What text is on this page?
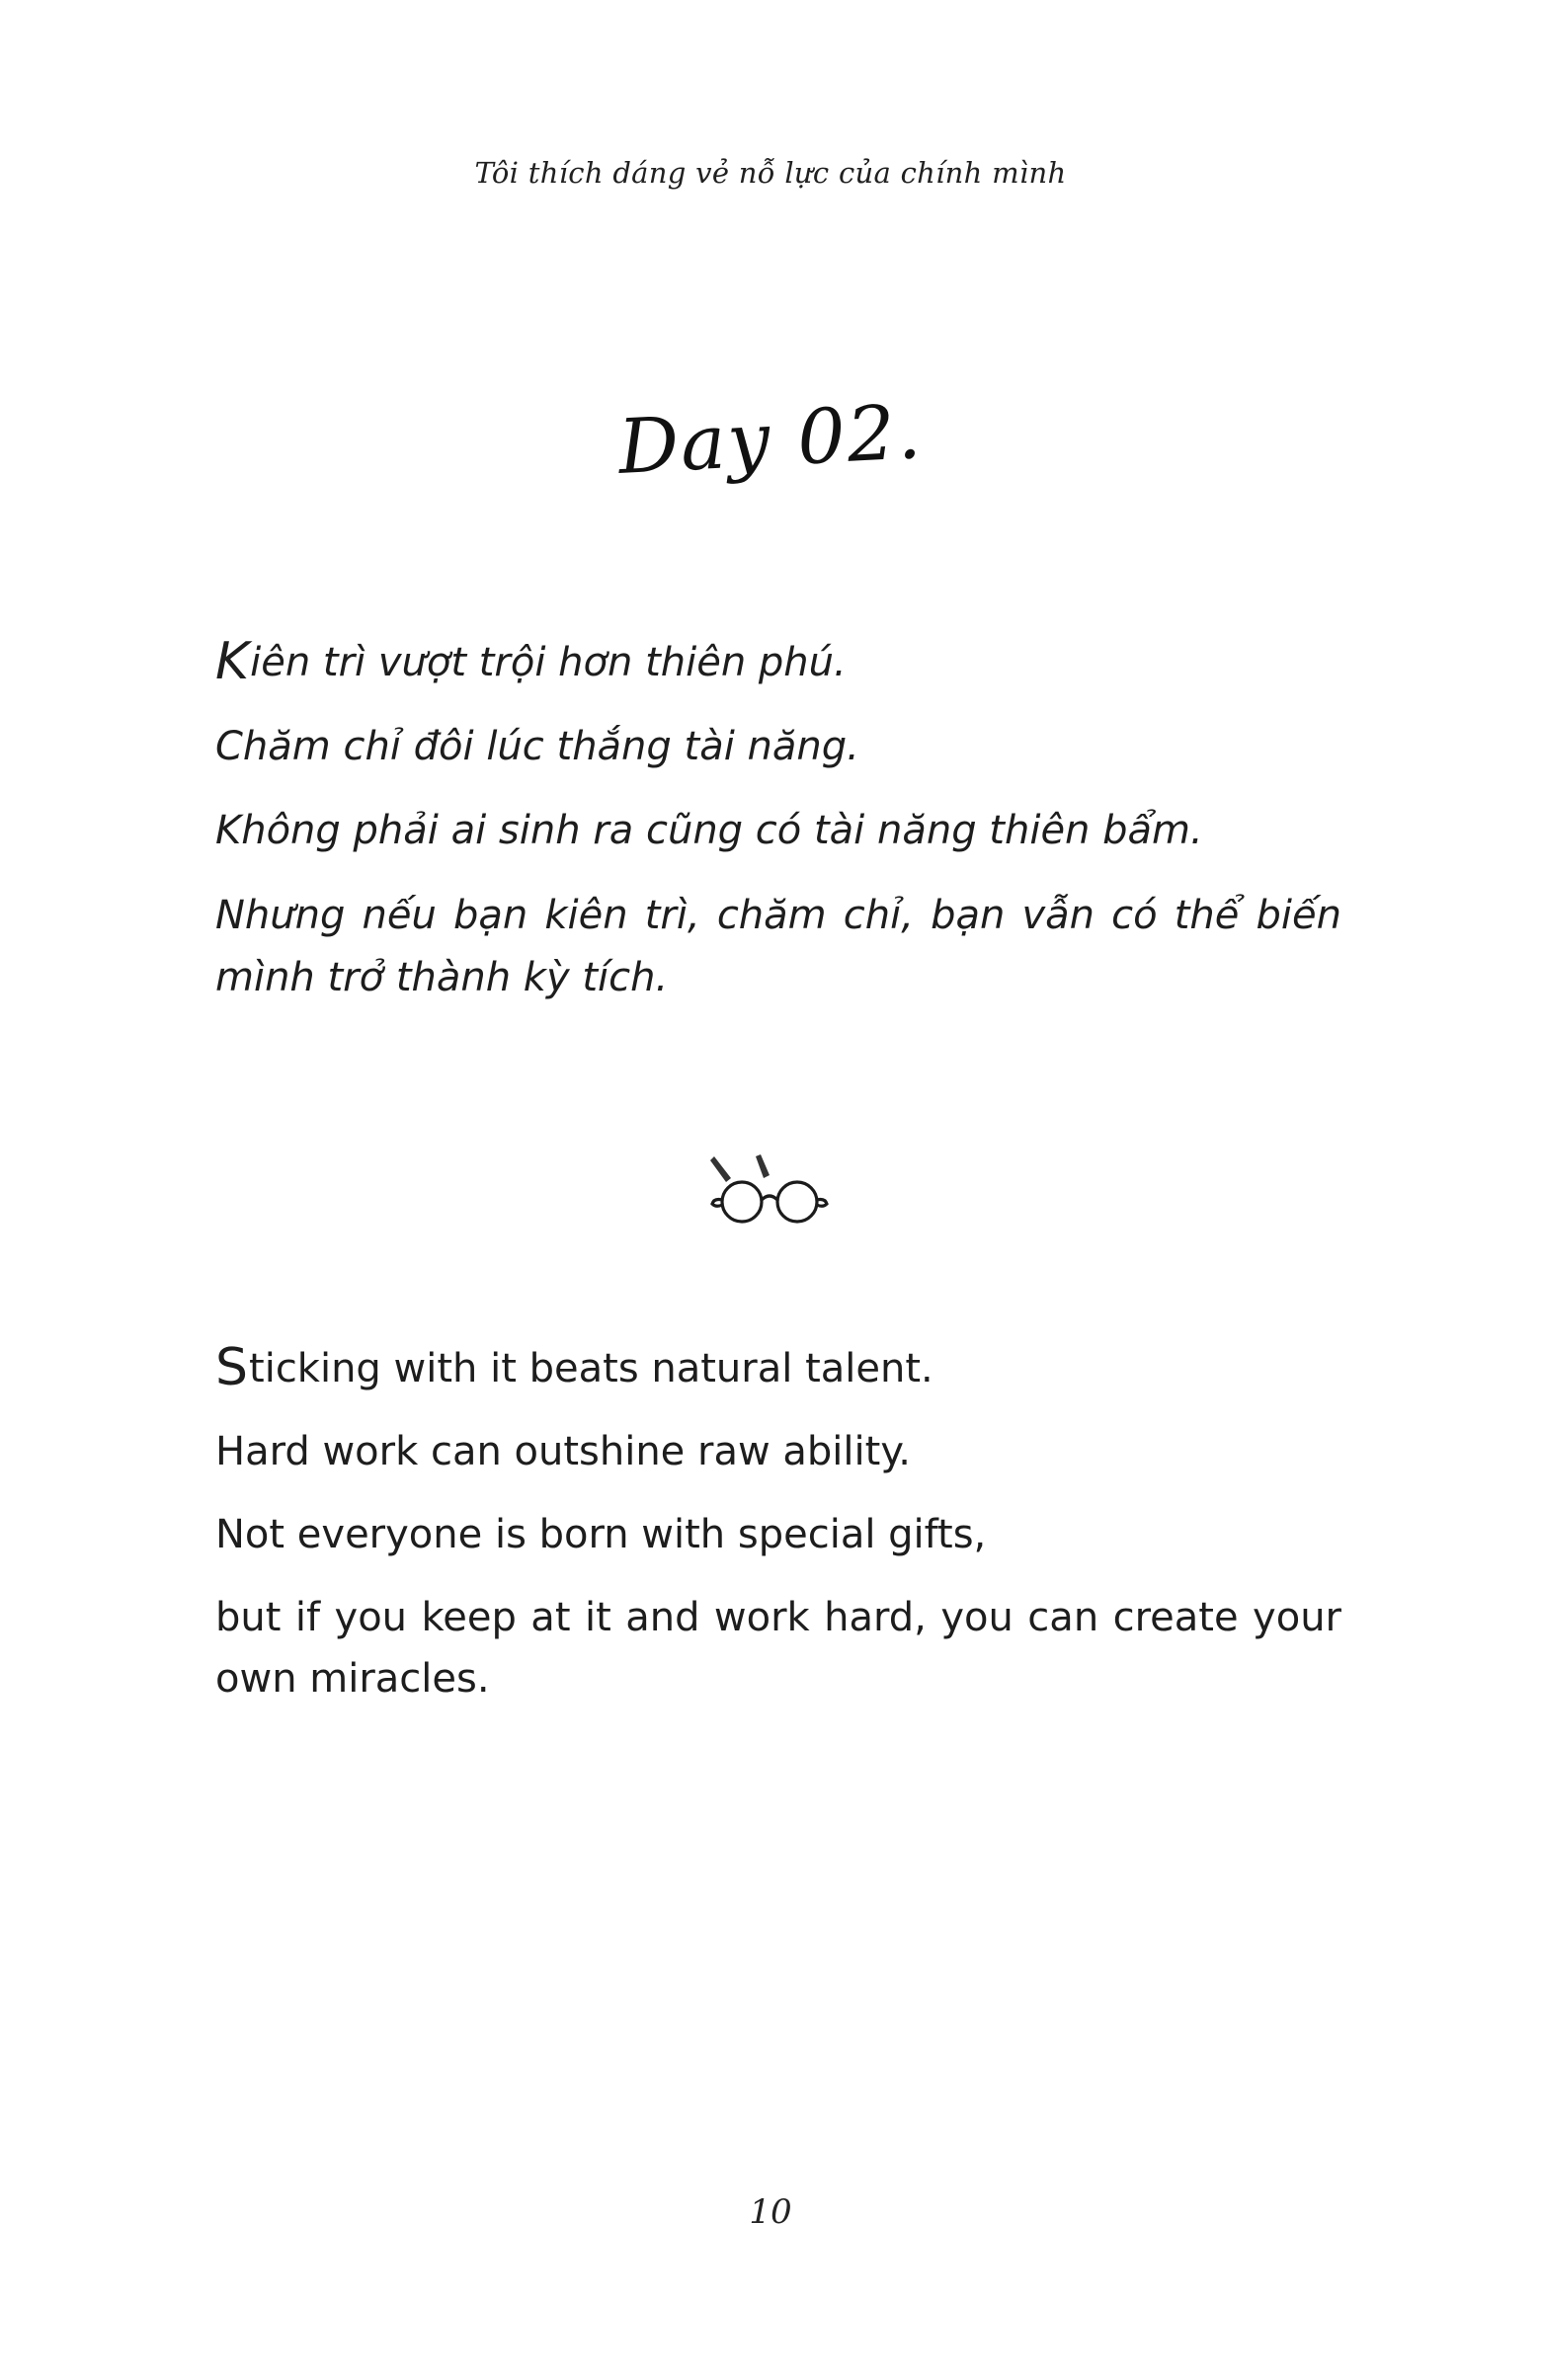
Tôi thích dáng vẻ nỗ lực của chính mình
Day 02.

Kiên trì vượt trội hơn thiên phú.

Chăm chỉ đôi lúc thắng tài năng.

Không phải ai sinh ra cũng có tài năng thiên bẩm.

Nhưng nếu bạn kiên trì, chăm chỉ, bạn vẫn có thể biến mình trở thành kỳ tích.

Sticking with it beats natural talent.

Hard work can outshine raw ability.

Not everyone is born with special gifts,

but if you keep at it and work hard, you can create your own miracles.

10
